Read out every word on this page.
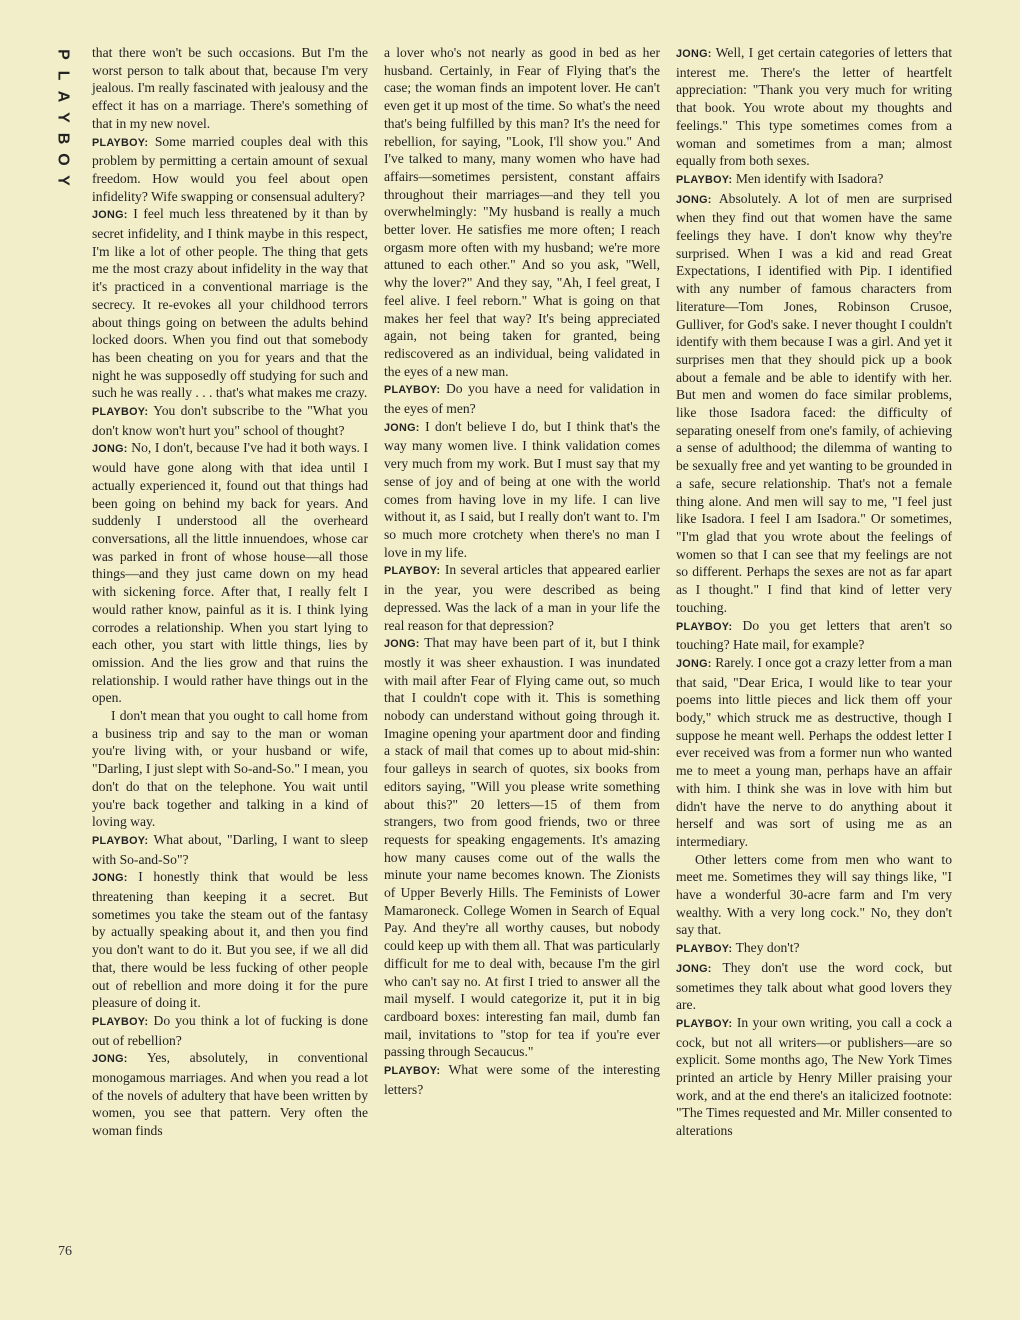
P
L
A
Y
B
O
Y
76

that there won't be such occasions. But I'm the worst person to talk about that, because I'm very jealous. I'm really fascinated with jealousy and the effect it has on a marriage. There's something of that in my new novel.

PLAYBOY: Some married couples deal with this problem by permitting a certain amount of sexual freedom. How would you feel about open infidelity? Wife swapping or consensual adultery?

JONG: I feel much less threatened by it than by secret infidelity, and I think maybe in this respect, I'm like a lot of other people. The thing that gets me the most crazy about infidelity in the way that it's practiced in a conventional marriage is the secrecy. It re-evokes all your childhood terrors about things going on between the adults behind locked doors. When you find out that somebody has been cheating on you for years and that the night he was supposedly off studying for such and such he was really . . . that's what makes me crazy.

PLAYBOY: You don't subscribe to the "What you don't know won't hurt you" school of thought?

JONG: No, I don't, because I've had it both ways. I would have gone along with that idea until I actually experienced it, found out that things had been going on behind my back for years. And suddenly I understood all the overheard conversations, all the little innuendoes, whose car was parked in front of whose house—all those things—and they just came down on my head with sickening force. After that, I really felt I would rather know, painful as it is. I think lying corrodes a relationship. When you start lying to each other, you start with little things, lies by omission. And the lies grow and that ruins the relationship. I would rather have things out in the open.

I don't mean that you ought to call home from a business trip and say to the man or woman you're living with, or your husband or wife, "Darling, I just slept with So-and-So." I mean, you don't do that on the telephone. You wait until you're back together and talking in a kind of loving way.

PLAYBOY: What about, "Darling, I want to sleep with So-and-So"?

JONG: I honestly think that would be less threatening than keeping it a secret. But sometimes you take the steam out of the fantasy by actually speaking about it, and then you find you don't want to do it. But you see, if we all did that, there would be less fucking of other people out of rebellion and more doing it for the pure pleasure of doing it.

PLAYBOY: Do you think a lot of fucking is done out of rebellion?

JONG: Yes, absolutely, in conventional monogamous marriages. And when you read a lot of the novels of adultery that have been written by women, you see that pattern. Very often the woman finds

a lover who's not nearly as good in bed as her husband. Certainly, in Fear of Flying that's the case; the woman finds an impotent lover. He can't even get it up most of the time. So what's the need that's being fulfilled by this man? It's the need for rebellion, for saying, "Look, I'll show you." And I've talked to many, many women who have had affairs—sometimes persistent, constant affairs throughout their marriages—and they tell you overwhelmingly: "My husband is really a much better lover. He satisfies me more often; I reach orgasm more often with my husband; we're more attuned to each other." And so you ask, "Well, why the lover?" And they say, "Ah, I feel great, I feel alive. I feel reborn." What is going on that makes her feel that way? It's being appreciated again, not being taken for granted, being rediscovered as an individual, being validated in the eyes of a new man.

PLAYBOY: Do you have a need for validation in the eyes of men?

JONG: I don't believe I do, but I think that's the way many women live. I think validation comes very much from my work. But I must say that my sense of joy and of being at one with the world comes from having love in my life. I can live without it, as I said, but I really don't want to. I'm so much more crotchety when there's no man I love in my life.

PLAYBOY: In several articles that appeared earlier in the year, you were described as being depressed. Was the lack of a man in your life the real reason for that depression?

JONG: That may have been part of it, but I think mostly it was sheer exhaustion. I was inundated with mail after Fear of Flying came out, so much that I couldn't cope with it. This is something nobody can understand without going through it. Imagine opening your apartment door and finding a stack of mail that comes up to about mid-shin: four galleys in search of quotes, six books from editors saying, "Will you please write something about this?" 20 letters—15 of them from strangers, two from good friends, two or three requests for speaking engagements. It's amazing how many causes come out of the walls the minute your name becomes known. The Zionists of Upper Beverly Hills. The Feminists of Lower Mamaroneck. College Women in Search of Equal Pay. And they're all worthy causes, but nobody could keep up with them all. That was particularly difficult for me to deal with, because I'm the girl who can't say no. At first I tried to answer all the mail myself. I would categorize it, put it in big cardboard boxes: interesting fan mail, dumb fan mail, invitations to "stop for tea if you're ever passing through Secaucus."

PLAYBOY: What were some of the interesting letters?

JONG: Well, I get certain categories of letters that interest me. There's the letter of heartfelt appreciation: "Thank you very much for writing that book. You wrote about my thoughts and feelings." This type sometimes comes from a woman and sometimes from a man; almost equally from both sexes.

PLAYBOY: Men identify with Isadora?

JONG: Absolutely. A lot of men are surprised when they find out that women have the same feelings they have. I don't know why they're surprised. When I was a kid and read Great Expectations, I identified with Pip. I identified with any number of famous characters from literature—Tom Jones, Robinson Crusoe, Gulliver, for God's sake. I never thought I couldn't identify with them because I was a girl. And yet it surprises men that they should pick up a book about a female and be able to identify with her. But men and women do face similar problems, like those Isadora faced: the difficulty of separating oneself from one's family, of achieving a sense of adulthood; the dilemma of wanting to be sexually free and yet wanting to be grounded in a safe, secure relationship. That's not a female thing alone. And men will say to me, "I feel just like Isadora. I feel I am Isadora." Or sometimes, "I'm glad that you wrote about the feelings of women so that I can see that my feelings are not so different. Perhaps the sexes are not as far apart as I thought." I find that kind of letter very touching.

PLAYBOY: Do you get letters that aren't so touching? Hate mail, for example?

JONG: Rarely. I once got a crazy letter from a man that said, "Dear Erica, I would like to tear your poems into little pieces and lick them off your body," which struck me as destructive, though I suppose he meant well. Perhaps the oddest letter I ever received was from a former nun who wanted me to meet a young man, perhaps have an affair with him. I think she was in love with him but didn't have the nerve to do anything about it herself and was sort of using me as an intermediary.

Other letters come from men who want to meet me. Sometimes they will say things like, "I have a wonderful 30-acre farm and I'm very wealthy. With a very long cock." No, they don't say that.

PLAYBOY: They don't?

JONG: They don't use the word cock, but sometimes they talk about what good lovers they are.

PLAYBOY: In your own writing, you call a cock a cock, but not all writers—or publishers—are so explicit. Some months ago, The New York Times printed an article by Henry Miller praising your work, and at the end there's an italicized footnote: "The Times requested and Mr. Miller consented to alterations
